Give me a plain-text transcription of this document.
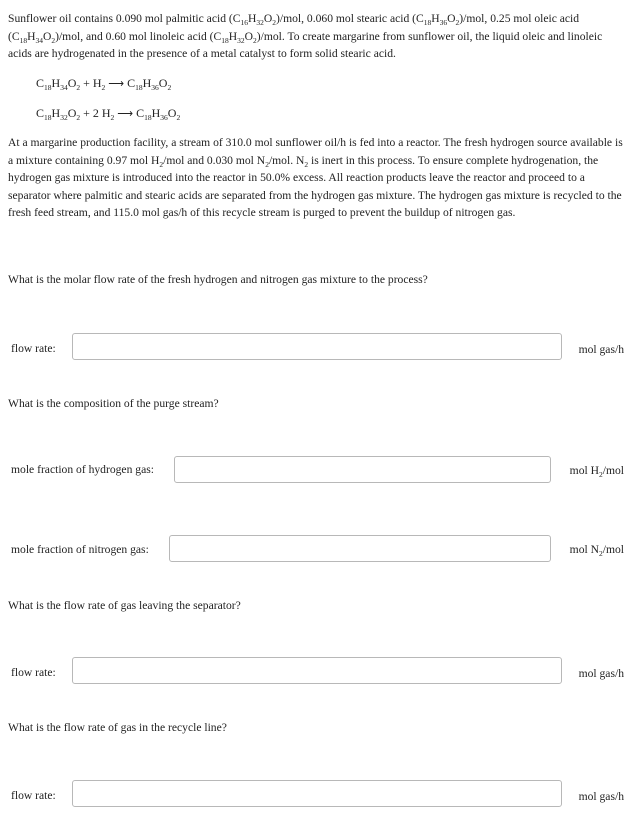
Sunflower oil contains 0.090 mol palmitic acid $(C_{16}H_{32}O_2)$/mol, 0.060 mol stearic acid $(C_{18}H_{36}O_2)$/mol, 0.25 mol oleic acid $(C_{18}H_{34}O_2)$/mol, and 0.60 mol linoleic acid $(C_{18}H_{32}O_2)$/mol. To create margarine from sunflower oil, the liquid oleic and linoleic acids are hydrogenated in the presence of a metal catalyst to form solid stearic acid.

$C_{18}H_{34}O_2 + H_2$ ⟶ $C_{18}H_{36}O_2$
$C_{18}H_{32}O_2 + 2$ $H_2$ ⟶ $C_{18}H_{36}O_2$

At a margarine production facility, a stream of 310.0 mol sunflower oil/h is fed into a reactor. The fresh hydrogen source available is a mixture containing 0.97 mol $H_2$/mol and 0.030 mol $N_2$/mol. $N_2$ is inert in this process. To ensure complete hydrogenation, the hydrogen gas mixture is introduced into the reactor in 50.0% excess. All reaction products leave the reactor and proceed to a separator where palmitic and stearic acids are separated from the hydrogen gas mixture. The hydrogen gas mixture is recycled to the fresh feed stream, and 115.0 mol gas/h of this recycle stream is purged to prevent the buildup of nitrogen gas.

What is the molar flow rate of the fresh hydrogen and nitrogen gas mixture to the process?

flow rate:	mol gas/h

What is the composition of the purge stream?

mole fraction of hydrogen gas:	mol $H_2$/mol
mole fraction of nitrogen gas:	mol $N_2$/mol

What is the flow rate of gas leaving the separator?

flow rate:	mol gas/h

What is the flow rate of gas in the recycle line?

flow rate:	mol gas/h
